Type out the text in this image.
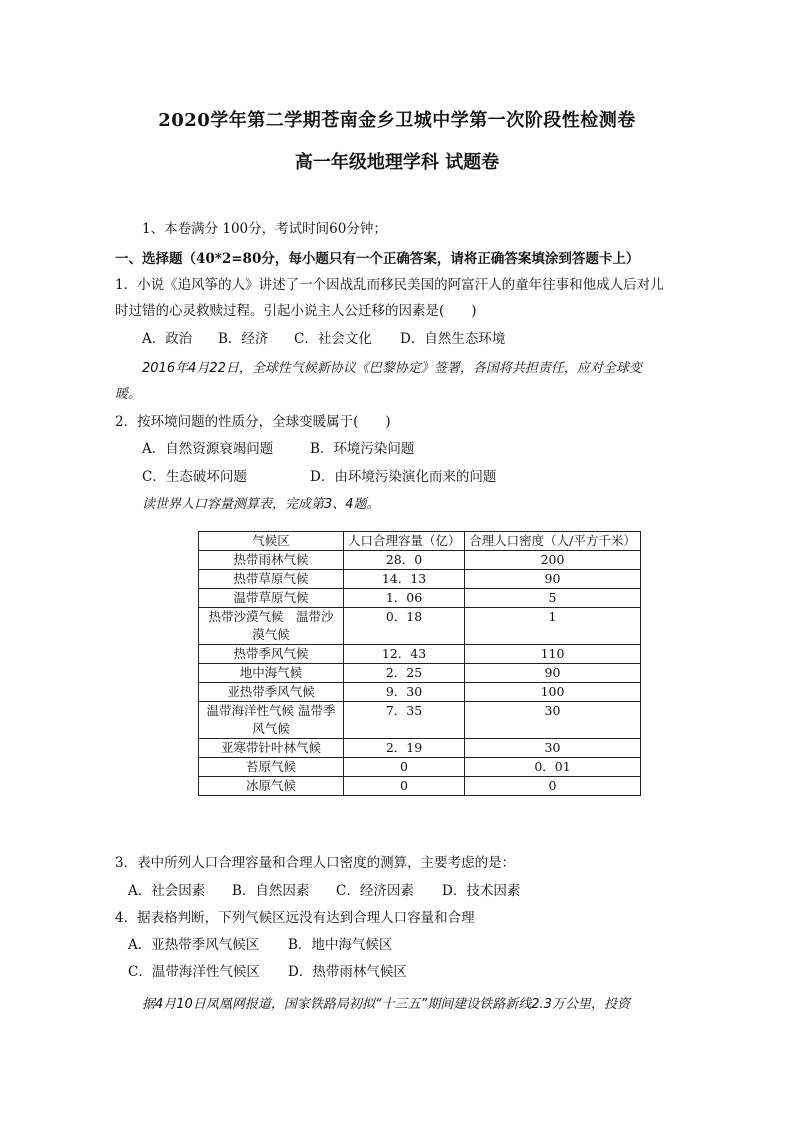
2020学年第二学期苍南金乡卫城中学第一次阶段性检测卷
高一年级地理学科 试题卷
1、本卷满分 100分，考试时间60分钟；
一、选择题（40*2=80分，每小题只有一个正确答案，请将正确答案填涂到答题卡上）
1．小说《追风筝的人》讲述了一个因战乱而移民美国的阿富汗人的童年往事和他成人后对儿
时过错的心灵救赎过程。引起小说主人公迁移的因素是(　　)
A．政治 B．经济 C．社会文化 D．自然生态环境
2016年4月22日，全球性气候新协议《巴黎协定》签署，各国将共担责任，应对全球变
暖。
2．按环境问题的性质分，全球变暖属于(　　)
A．自然资源衰竭问题	B．环境污染问题
C．生态破坏问题	D．由环境污染演化而来的问题
读世界人口容量测算表，完成第3、4题。
气候区	人口合理容量（亿）	合理人口密度（人/平方千米）
热带雨林气候	28．0	200
热带草原气候	14．13	90
温带草原气候	1．06	5
热带沙漠气候　温带沙漠气候	0．18	1
热带季风气候	12．43	110
地中海气候	2．25	90
亚热带季风气候	9．30	100
温带海洋性气候 温带季风气候	7．35	30
亚寒带针叶林气候	2．19	30
苔原气候	0	0．01
冰原气候	0	0
3．表中所列人口合理容量和合理人口密度的测算，主要考虑的是：
A．社会因素 B．自然因素 C．经济因素 D．技术因素
4．据表格判断，下列气候区远没有达到合理人口容量和合理
A．亚热带季风气候区 B．地中海气候区
C．温带海洋性气候区 D．热带雨林气候区
据4月10日凤凰网报道，国家铁路局初拟“十三五”期间建设铁路新线2.3万公里，投资
